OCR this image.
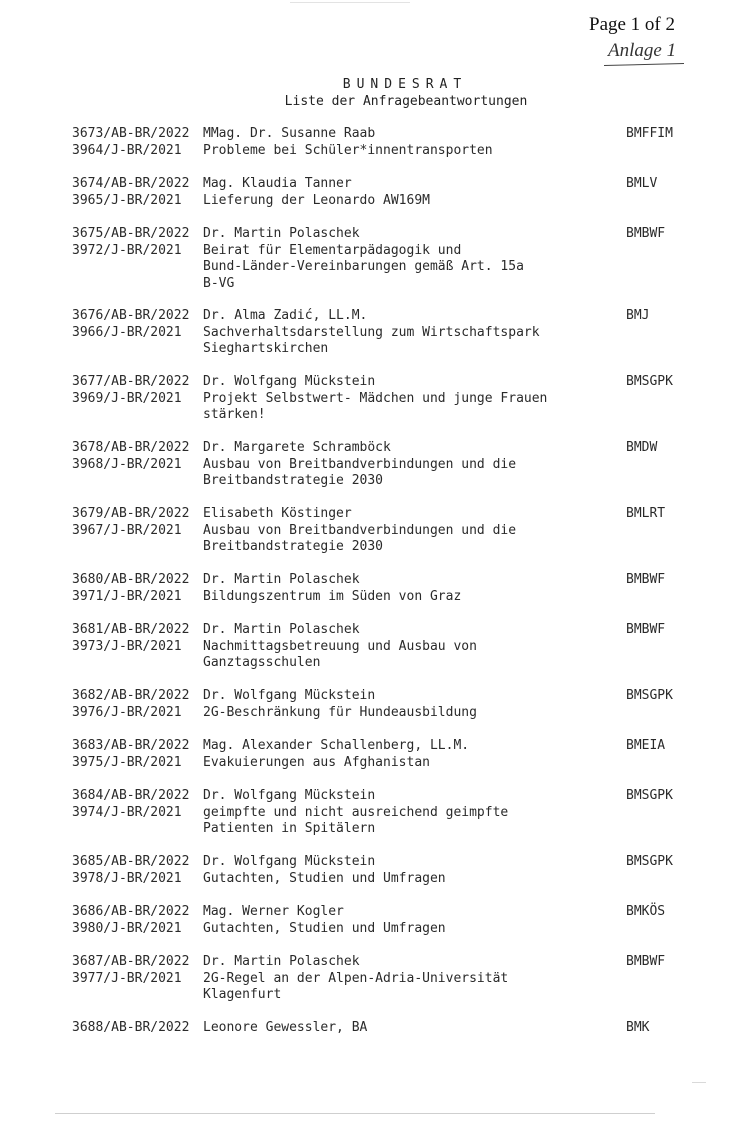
Page 1 of 2
Anlage 1
BUNDESRAT
Liste der Anfragebeantwortungen
3673/AB-BR/2022
3964/J-BR/2021
MMag. Dr. Susanne Raab
Probleme bei Schüler*innentransporten
BMFFIM
3674/AB-BR/2022
3965/J-BR/2021
Mag. Klaudia Tanner
Lieferung der Leonardo AW169M
BMLV
3675/AB-BR/2022
3972/J-BR/2021
Dr. Martin Polaschek
Beirat für Elementarpädagogik und
Bund-Länder-Vereinbarungen gemäß Art. 15a
B-VG
BMBWF
3676/AB-BR/2022
3966/J-BR/2021
Dr. Alma Zadić, LL.M.
Sachverhaltsdarstellung zum Wirtschaftspark
Sieghartskirchen
BMJ
3677/AB-BR/2022
3969/J-BR/2021
Dr. Wolfgang Mückstein
Projekt Selbstwert- Mädchen und junge Frauen
stärken!
BMSGPK
3678/AB-BR/2022
3968/J-BR/2021
Dr. Margarete Schramböck
Ausbau von Breitbandverbindungen und die
Breitbandstrategie 2030
BMDW
3679/AB-BR/2022
3967/J-BR/2021
Elisabeth Köstinger
Ausbau von Breitbandverbindungen und die
Breitbandstrategie 2030
BMLRT
3680/AB-BR/2022
3971/J-BR/2021
Dr. Martin Polaschek
Bildungszentrum im Süden von Graz
BMBWF
3681/AB-BR/2022
3973/J-BR/2021
Dr. Martin Polaschek
Nachmittagsbetreuung und Ausbau von
Ganztagsschulen
BMBWF
3682/AB-BR/2022
3976/J-BR/2021
Dr. Wolfgang Mückstein
2G-Beschränkung für Hundeausbildung
BMSGPK
3683/AB-BR/2022
3975/J-BR/2021
Mag. Alexander Schallenberg, LL.M.
Evakuierungen aus Afghanistan
BMEIA
3684/AB-BR/2022
3974/J-BR/2021
Dr. Wolfgang Mückstein
geimpfte und nicht ausreichend geimpfte
Patienten in Spitälern
BMSGPK
3685/AB-BR/2022
3978/J-BR/2021
Dr. Wolfgang Mückstein
Gutachten, Studien und Umfragen
BMSGPK
3686/AB-BR/2022
3980/J-BR/2021
Mag. Werner Kogler
Gutachten, Studien und Umfragen
BMKÖS
3687/AB-BR/2022
3977/J-BR/2021
Dr. Martin Polaschek
2G-Regel an der Alpen-Adria-Universität
Klagenfurt
BMBWF
3688/AB-BR/2022	Leonore Gewessler, BA	BMK
